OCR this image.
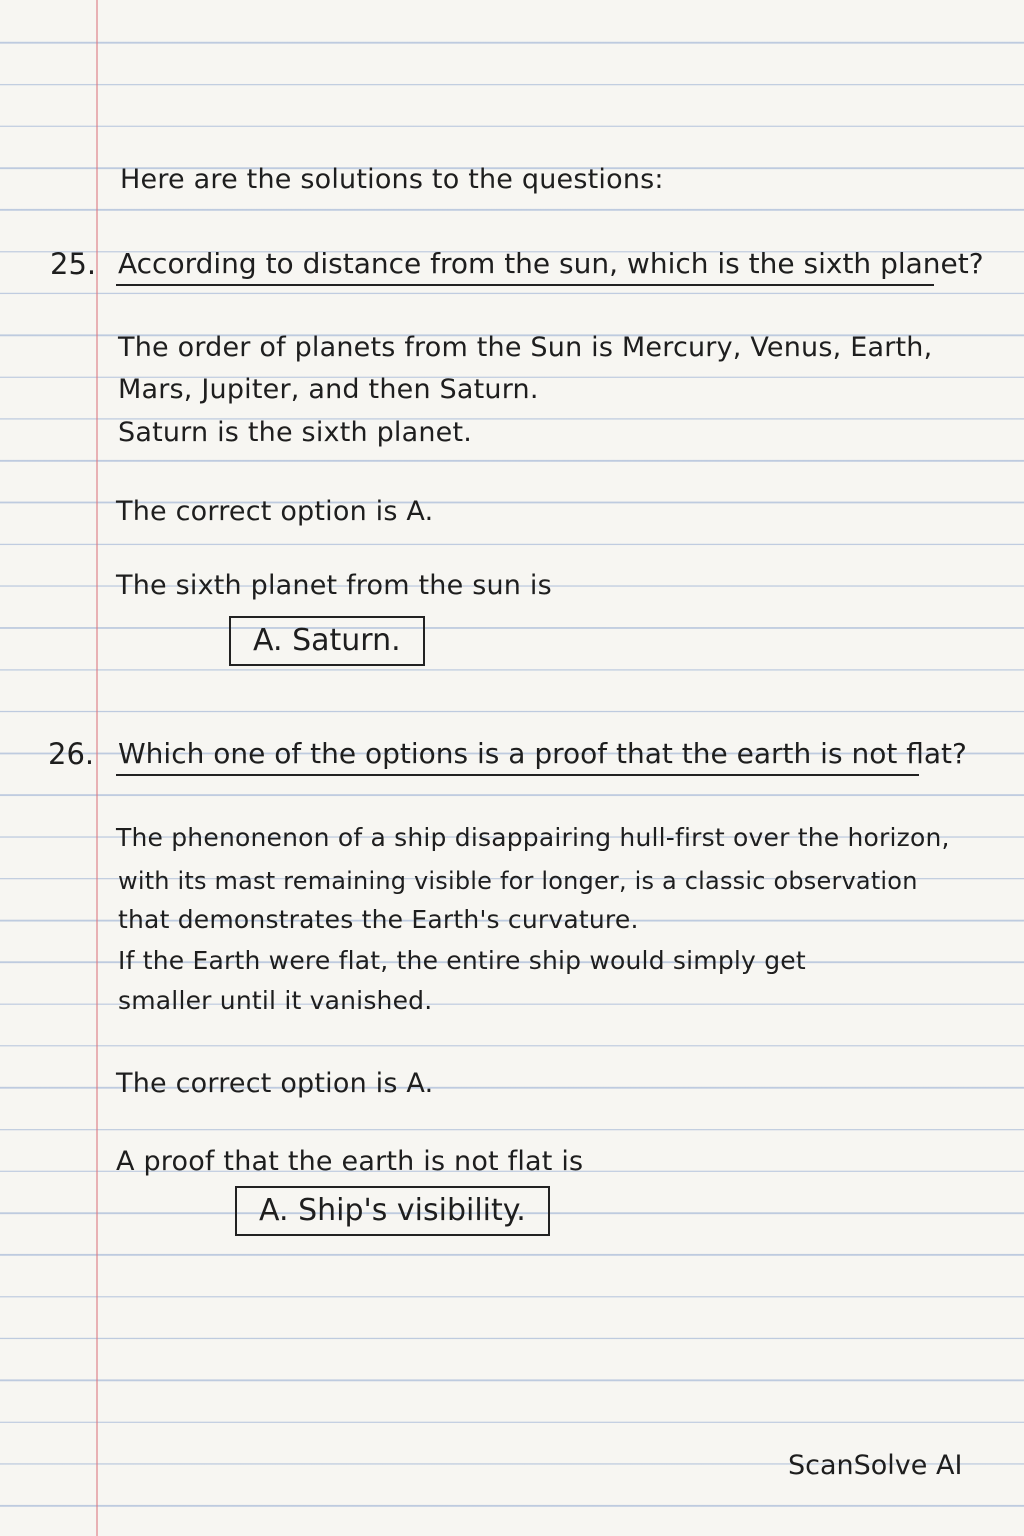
Here are the solutions to the questions:
25. According to distance from the sun, which is the sixth planet?
The order of planets from the Sun is Mercury, Venus, Earth,
Mars, Jupiter, and then Saturn.
Saturn is the sixth planet.
The correct option is A.
The sixth planet from the sun is
A. Saturn.
26. Which one of the options is a proof that the earth is not flat?
The phenonenon of a ship disappairing hull-first over the horizon,
with its mast remaining visible for longer, is a classic observation
that demonstrates the Earth's curvature.
If the Earth were flat, the entire ship would simply get
smaller until it vanished.
The correct option is A.
A proof that the earth is not flat is
A. Ship's visibility.
ScanSolve AI
